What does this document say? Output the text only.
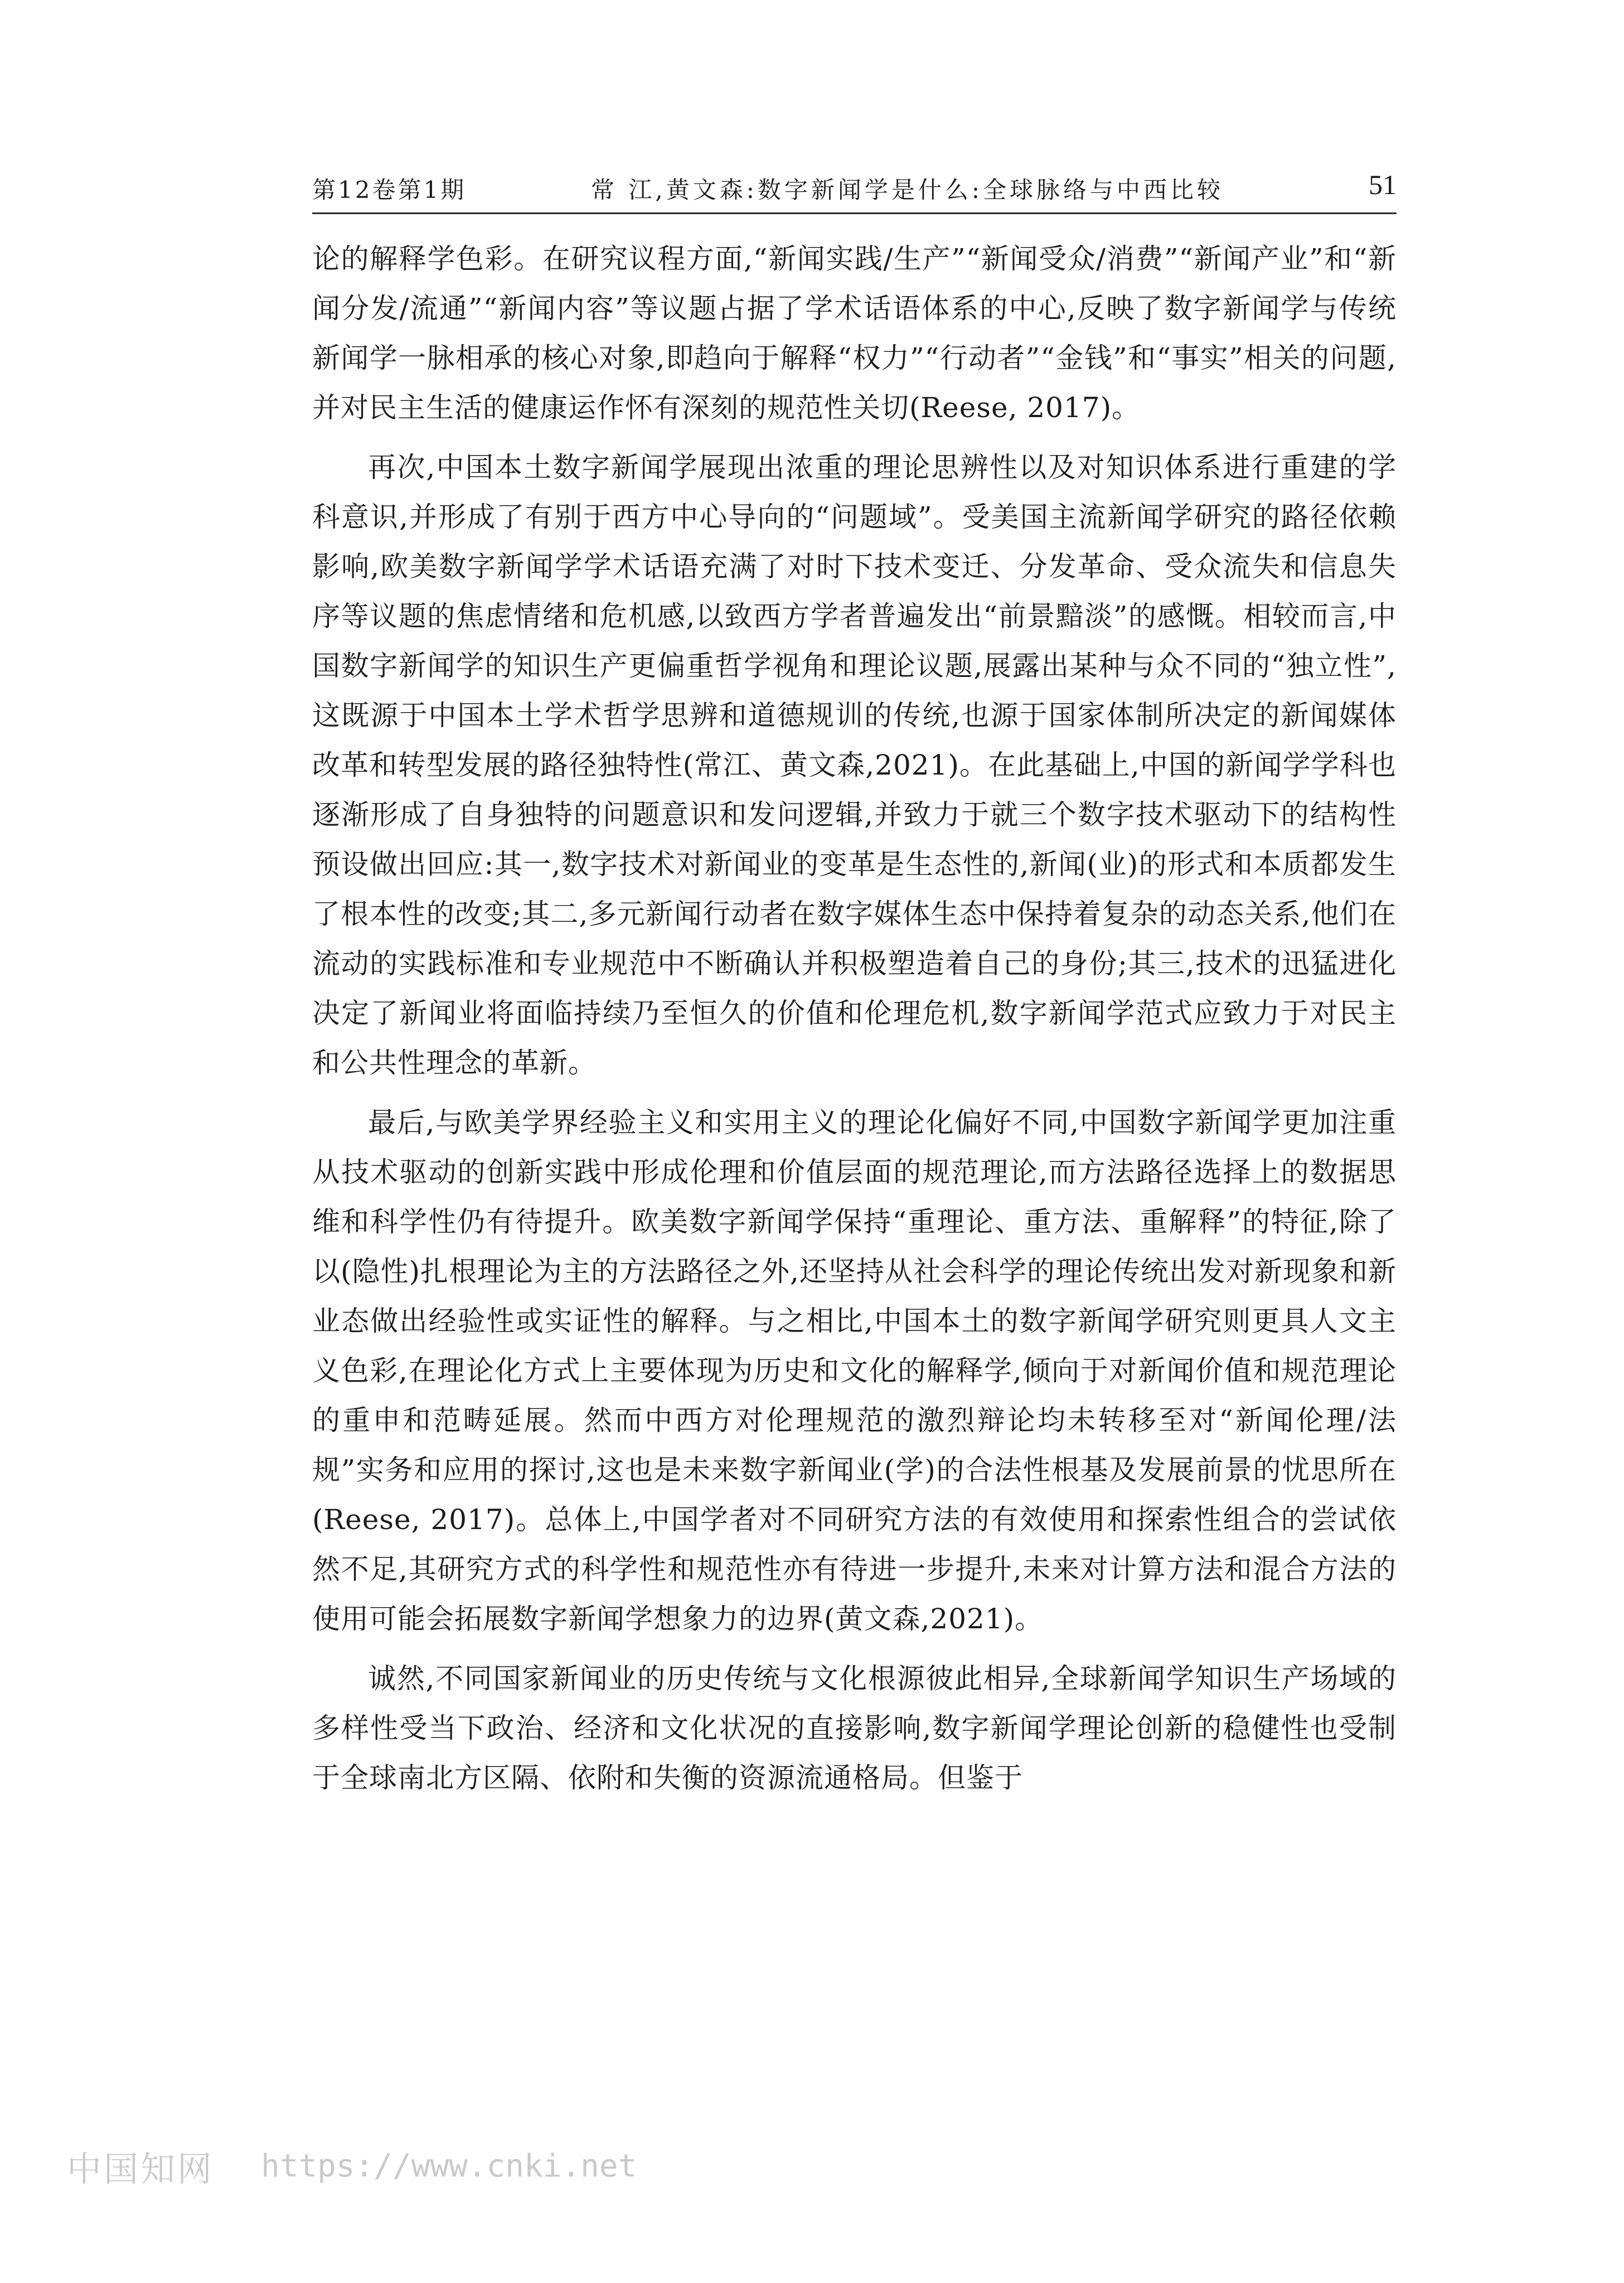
第12卷第1期	常 江,黄文森:数字新闻学是什么:全球脉络与中西比较	51

论的解释学色彩。在研究议程方面,“新闻实践/生产”“新闻受众/消费”“新闻产业”和“新闻分发/流通”“新闻内容”等议题占据了学术话语体系的中心,反映了数字新闻学与传统新闻学一脉相承的核心对象,即趋向于解释“权力”“行动者”“金钱”和“事实”相关的问题,并对民主生活的健康运作怀有深刻的规范性关切(Reese, 2017)。

再次,中国本土数字新闻学展现出浓重的理论思辨性以及对知识体系进行重建的学科意识,并形成了有别于西方中心导向的“问题域”。受美国主流新闻学研究的路径依赖影响,欧美数字新闻学学术话语充满了对时下技术变迁、分发革命、受众流失和信息失序等议题的焦虑情绪和危机感,以致西方学者普遍发出“前景黯淡”的感慨。相较而言,中国数字新闻学的知识生产更偏重哲学视角和理论议题,展露出某种与众不同的“独立性”,这既源于中国本土学术哲学思辨和道德规训的传统,也源于国家体制所决定的新闻媒体改革和转型发展的路径独特性(常江、黄文森,2021)。在此基础上,中国的新闻学学科也逐渐形成了自身独特的问题意识和发问逻辑,并致力于就三个数字技术驱动下的结构性预设做出回应:其一,数字技术对新闻业的变革是生态性的,新闻(业)的形式和本质都发生了根本性的改变;其二,多元新闻行动者在数字媒体生态中保持着复杂的动态关系,他们在流动的实践标准和专业规范中不断确认并积极塑造着自己的身份;其三,技术的迅猛进化决定了新闻业将面临持续乃至恒久的价值和伦理危机,数字新闻学范式应致力于对民主和公共性理念的革新。

最后,与欧美学界经验主义和实用主义的理论化偏好不同,中国数字新闻学更加注重从技术驱动的创新实践中形成伦理和价值层面的规范理论,而方法路径选择上的数据思维和科学性仍有待提升。欧美数字新闻学保持“重理论、重方法、重解释”的特征,除了以(隐性)扎根理论为主的方法路径之外,还坚持从社会科学的理论传统出发对新现象和新业态做出经验性或实证性的解释。与之相比,中国本土的数字新闻学研究则更具人文主义色彩,在理论化方式上主要体现为历史和文化的解释学,倾向于对新闻价值和规范理论的重申和范畴延展。然而中西方对伦理规范的激烈辩论均未转移至对“新闻伦理/法规”实务和应用的探讨,这也是未来数字新闻业(学)的合法性根基及发展前景的忧思所在(Reese, 2017)。总体上,中国学者对不同研究方法的有效使用和探索性组合的尝试依然不足,其研究方式的科学性和规范性亦有待进一步提升,未来对计算方法和混合方法的使用可能会拓展数字新闻学想象力的边界(黄文森,2021)。

诚然,不同国家新闻业的历史传统与文化根源彼此相异,全球新闻学知识生产场域的多样性受当下政治、经济和文化状况的直接影响,数字新闻学理论创新的稳健性也受制于全球南北方区隔、依附和失衡的资源流通格局。但鉴于

中国知网 https://www.cnki.net
